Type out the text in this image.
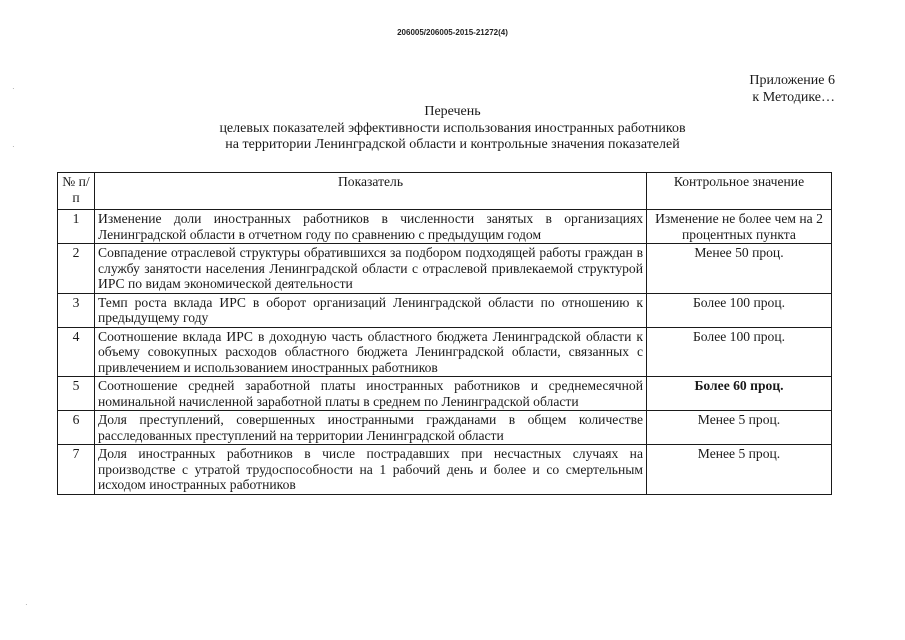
206005/206005-2015-21272(4)
Приложение 6
к Методике…
Перечень
целевых показателей эффективности использования иностранных работников
на территории Ленинградской области и контрольные значения показателей
№ п/п	Показатель	Контрольное значение
1	Изменение доли иностранных работников в численности занятых в организациях Ленинградской области в отчетном году по сравнению с предыдущим годом	Изменение не более чем на 2 процентных пункта
2	Совпадение отраслевой структуры обратившихся за подбором подходящей работы граждан в службу занятости населения Ленинградской области с отраслевой привлекаемой структурой ИРС по видам экономической деятельности	Менее 50 проц.
3	Темп роста вклада ИРС в оборот организаций Ленинградской области по отношению к предыдущему году	Более 100 проц.
4	Соотношение вклада ИРС в доходную часть областного бюджета Ленинградской области к объему совокупных расходов областного бюджета Ленинградской области, связанных с привлечением и использованием иностранных работников	Более 100 проц.
5	Соотношение средней заработной платы иностранных работников и среднемесячной номинальной начисленной заработной платы в среднем по Ленинградской области	Более 60 проц.
6	Доля преступлений, совершенных иностранными гражданами в общем количестве расследованных преступлений на территории Ленинградской области	Менее 5 проц.
7	Доля иностранных работников в числе пострадавших при несчастных случаях на производстве с утратой трудоспособности на 1 рабочий день и более и со смертельным исходом иностранных работников	Менее 5 проц.
·
·
·
